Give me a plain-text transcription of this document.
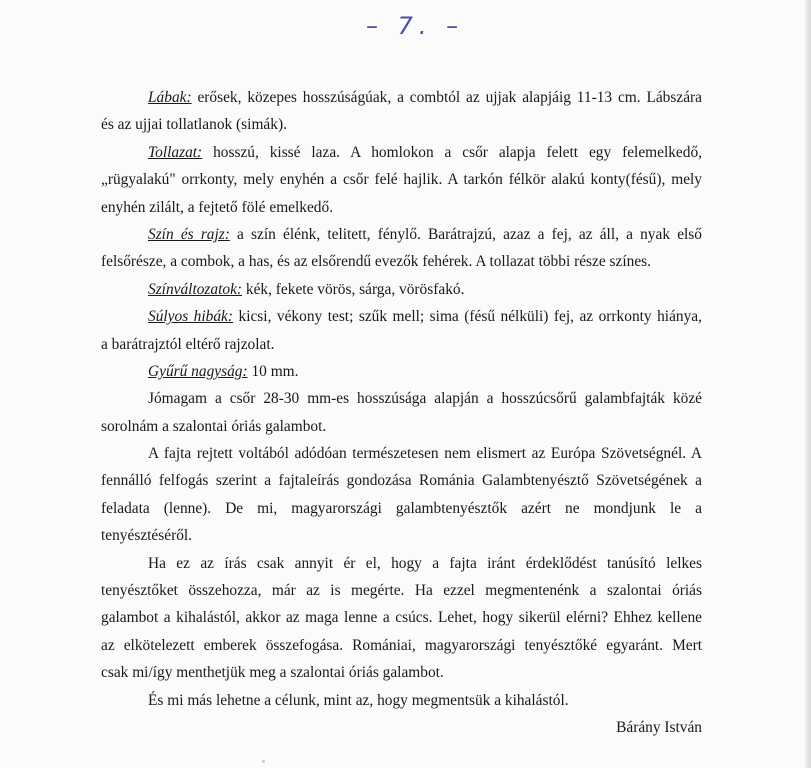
– 7. –
Lábak: erősek, közepes hosszúságúak, a combtól az ujjak alapjáig 11-13 cm. Lábszára
és az ujjai tollatlanok (simák).
Tollazat: hosszú, kissé laza. A homlokon a csőr alapja felett egy felemelkedő,
„rügyalakú" orrkonty, mely enyhén a csőr felé hajlik. A tarkón félkör alakú konty(fésű), mely
enyhén zilált, a fejtető fölé emelkedő.
Szín és rajz: a szín élénk, telitett, fénylő. Barátrajzú, azaz a fej, az áll, a nyak első
felsőrésze, a combok, a has, és az elsőrendű evezők fehérek. A tollazat többi része színes.
Színváltozatok: kék, fekete vörös, sárga, vörösfakó.
Súlyos hibák: kicsi, vékony test; szűk mell; sima (fésű nélküli) fej, az orrkonty hiánya,
a barátrajztól eltérő rajzolat.
Gyűrű nagyság: 10 mm.
Jómagam a csőr 28-30 mm-es hosszúsága alapján a hosszúcsőrű galambfajták közé
sorolnám a szalontai óriás galambot.
A fajta rejtett voltából adódóan természetesen nem elismert az Európa Szövetségnél. A
fennálló felfogás szerint a fajtaleírás gondozása Románia Galambtenyésztő Szövetségének a
feladata (lenne). De mi, magyarországi galambtenyésztők azért ne mondjunk le a
tenyésztéséről.
Ha ez az írás csak annyit ér el, hogy a fajta iránt érdeklődést tanúsító lelkes
tenyésztőket összehozza, már az is megérte. Ha ezzel megmentenénk a szalontai óriás
galambot a kihalástól, akkor az maga lenne a csúcs. Lehet, hogy sikerül elérni? Ehhez kellene
az elkötelezett emberek összefogása. Romániai, magyarországi tenyésztőké egyaránt. Mert
csak mi/így menthetjük meg a szalontai óriás galambot.
És mi más lehetne a célunk, mint az, hogy megmentsük a kihalástól.
Bárány István
